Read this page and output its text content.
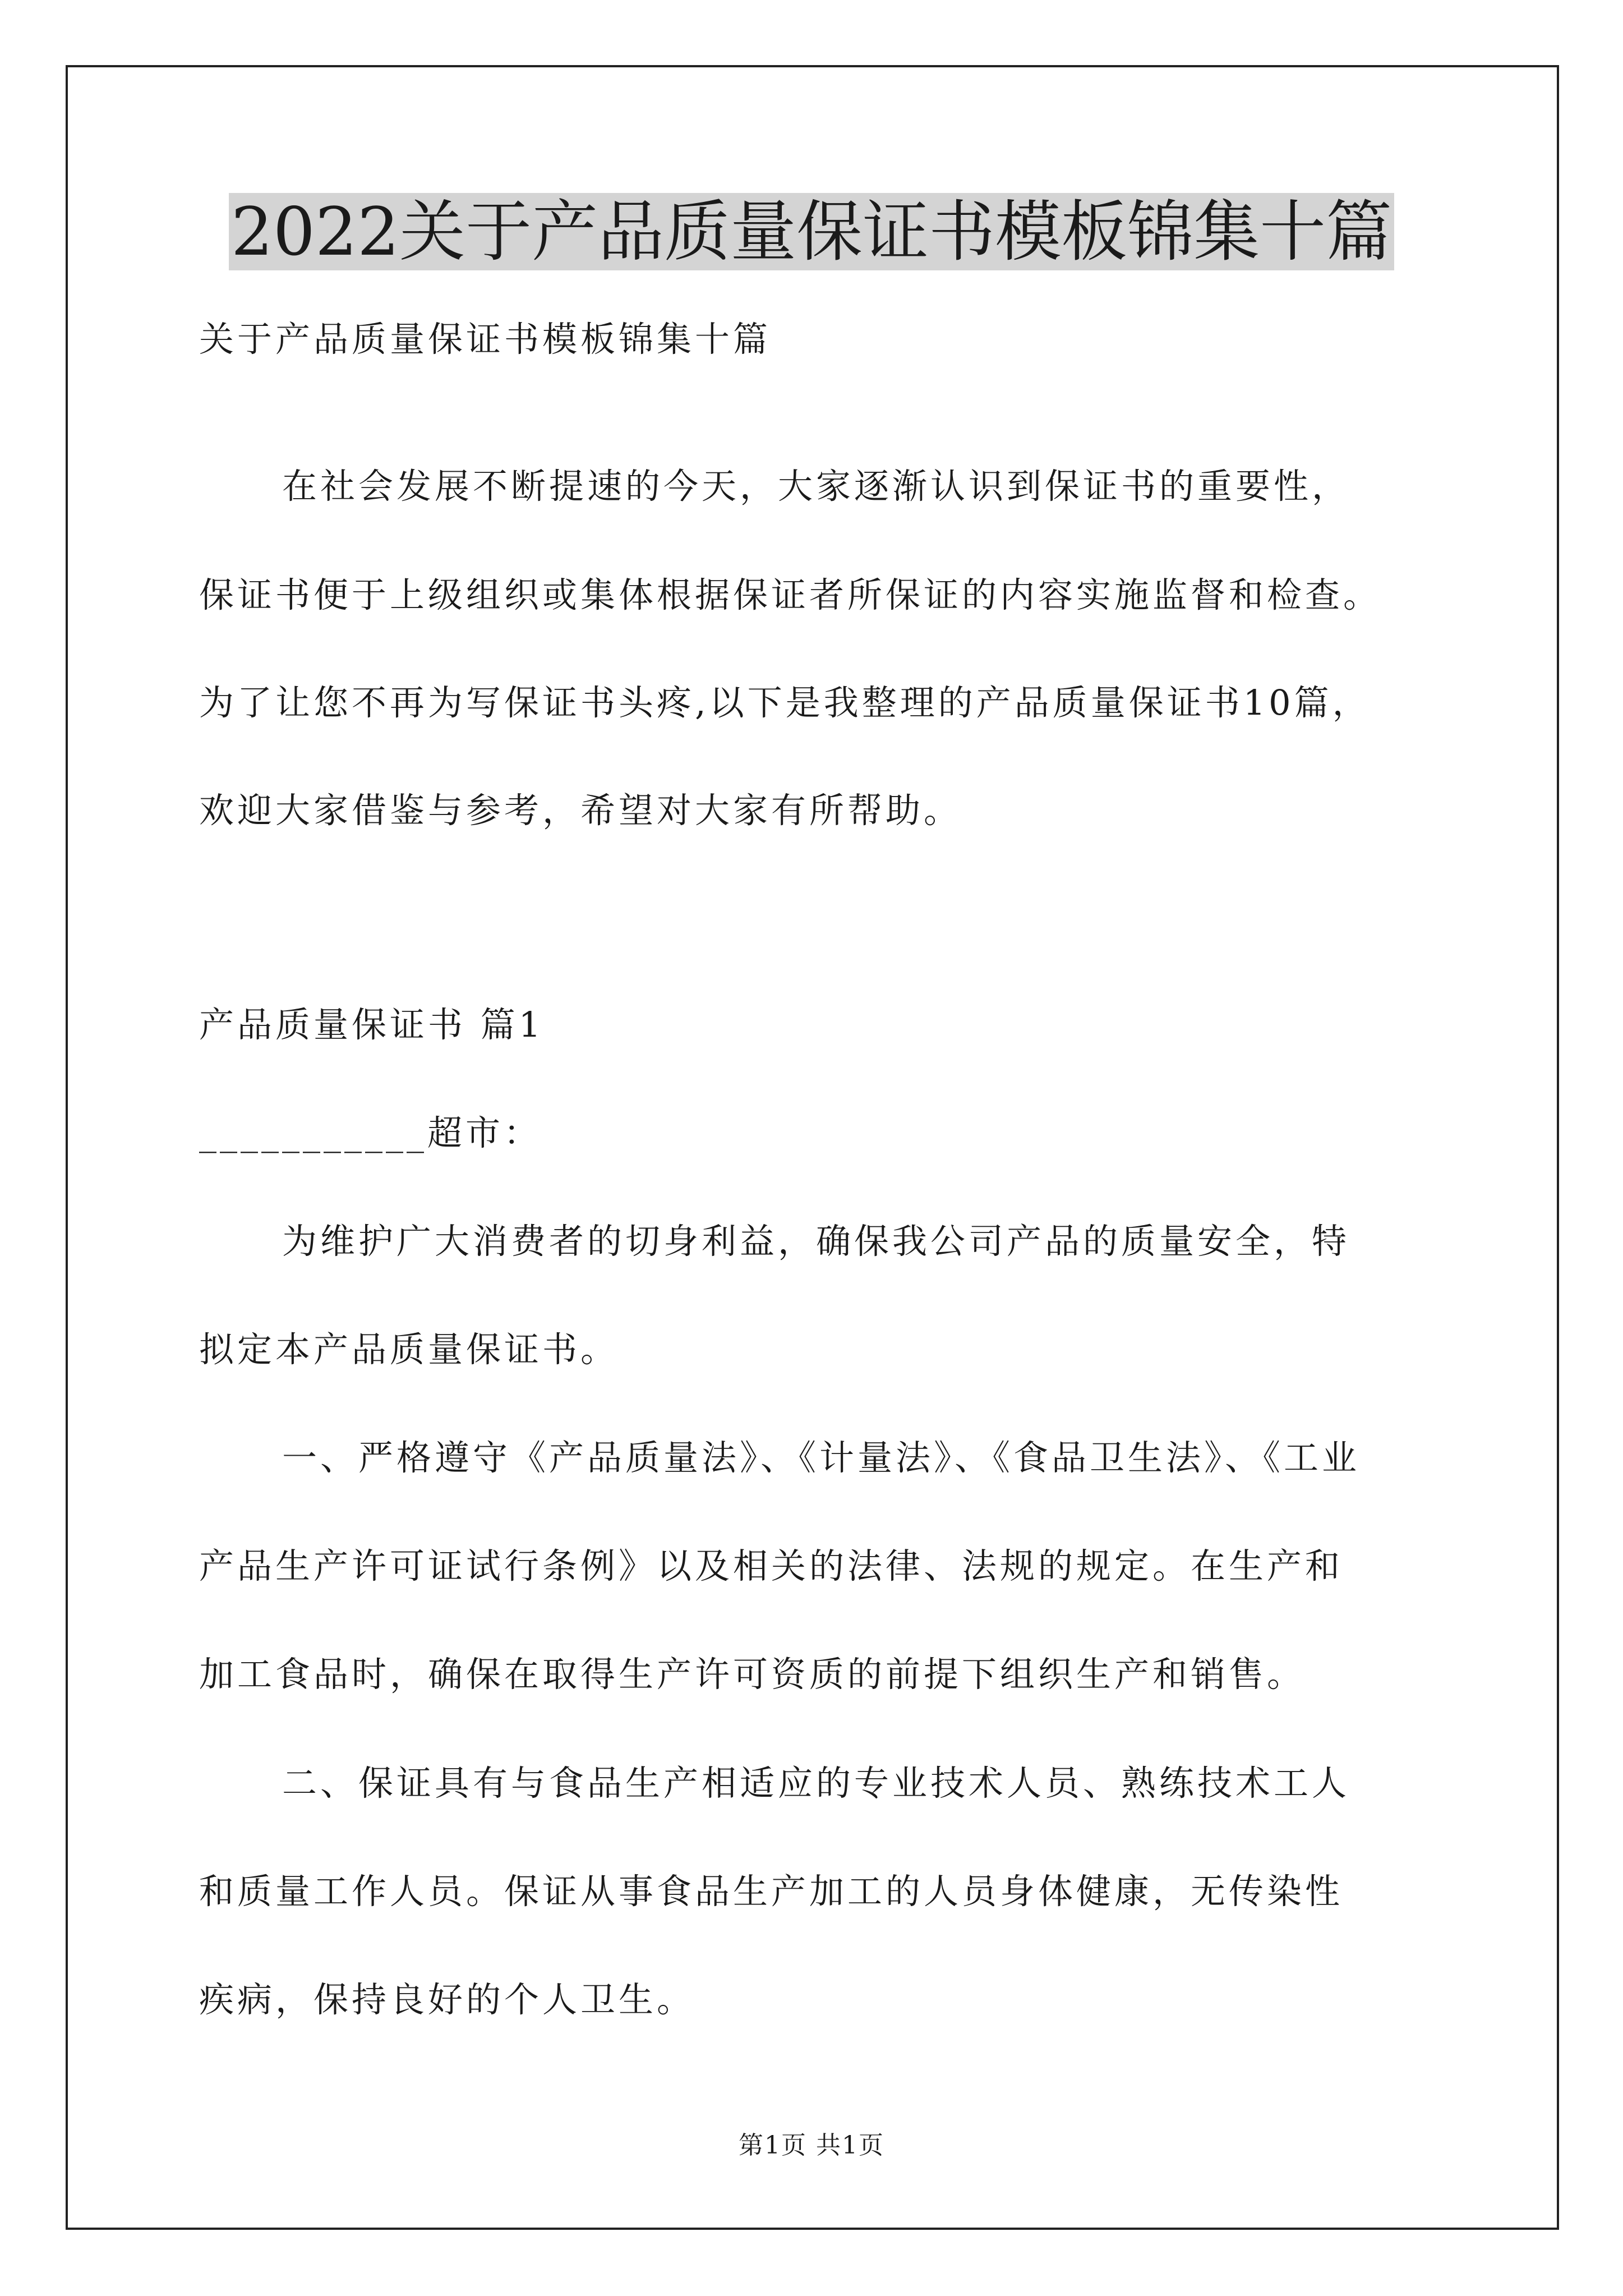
2022关于产品质量保证书模板锦集十篇
关于产品质量保证书模板锦集十篇
在社会发展不断提速的今天，大家逐渐认识到保证书的重要性，
保证书便于上级组织或集体根据保证者所保证的内容实施监督和检查。
为了让您不再为写保证书头疼,以下是我整理的产品质量保证书10篇，
欢迎大家借鉴与参考，希望对大家有所帮助。
产品质量保证书 篇1
___________超市：
为维护广大消费者的切身利益，确保我公司产品的质量安全，特
拟定本产品质量保证书。
一、严格遵守《产品质量法》、《计量法》、《食品卫生法》、《工业
产品生产许可证试行条例》以及相关的法律、法规的规定。在生产和
加工食品时，确保在取得生产许可资质的前提下组织生产和销售。
二、保证具有与食品生产相适应的专业技术人员、熟练技术工人
和质量工作人员。保证从事食品生产加工的人员身体健康，无传染性
疾病，保持良好的个人卫生。
第1页 共1页
